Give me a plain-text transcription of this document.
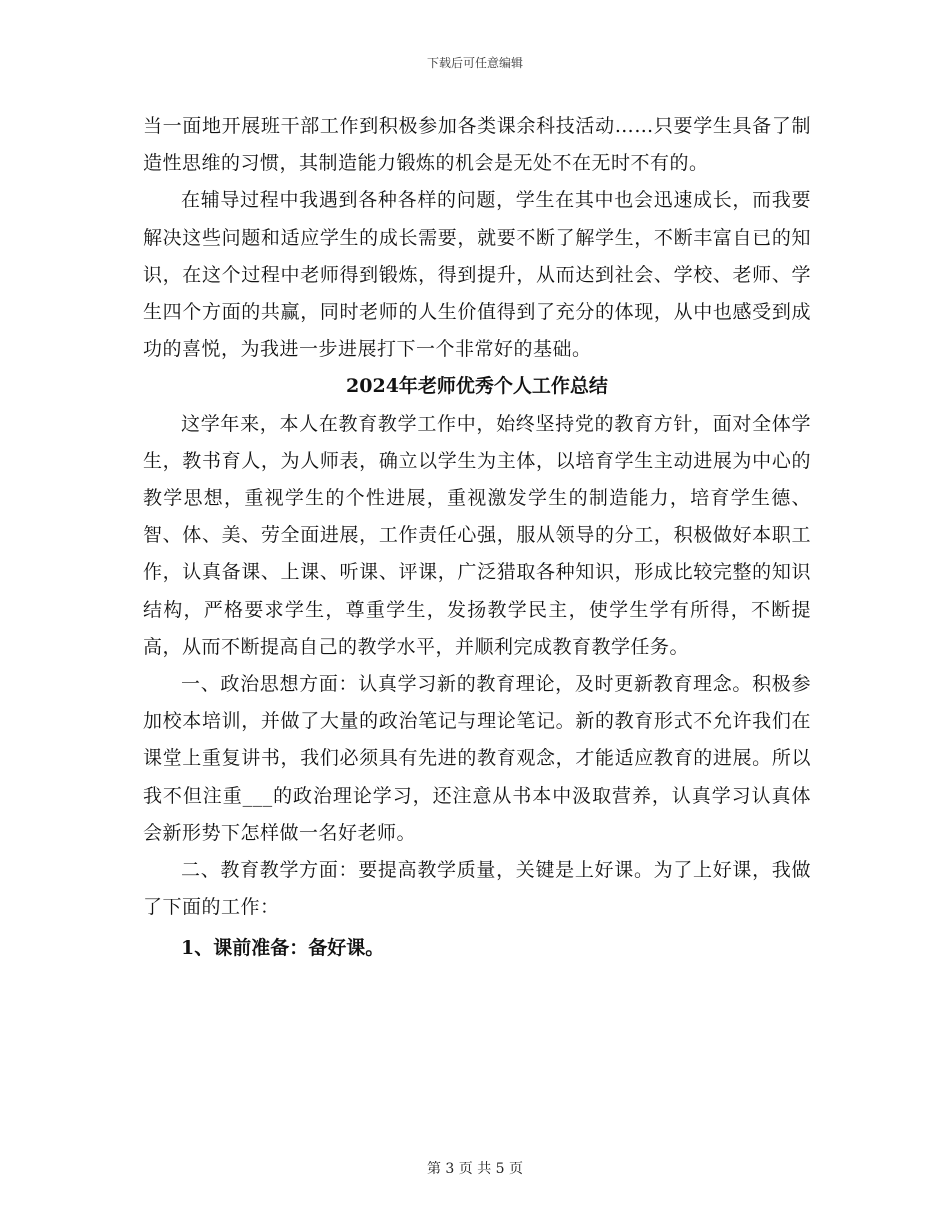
下载后可任意编辑

当一面地开展班干部工作到积极参加各类课余科技活动……只要学生具备了制造性思维的习惯，其制造能力锻炼的机会是无处不在无时不有的。

在辅导过程中我遇到各种各样的问题，学生在其中也会迅速成长，而我要解决这些问题和适应学生的成长需要，就要不断了解学生，不断丰富自已的知识，在这个过程中老师得到锻炼，得到提升，从而达到社会、学校、老师、学生四个方面的共赢，同时老师的人生价值得到了充分的体现，从中也感受到成功的喜悦，为我进一步进展打下一个非常好的基础。

2024年老师优秀个人工作总结

这学年来，本人在教育教学工作中，始终坚持党的教育方针，面对全体学生，教书育人，为人师表，确立以学生为主体，以培育学生主动进展为中心的教学思想，重视学生的个性进展，重视激发学生的制造能力，培育学生德、智、体、美、劳全面进展，工作责任心强，服从领导的分工，积极做好本职工作，认真备课、上课、听课、评课，广泛猎取各种知识，形成比较完整的知识结构，严格要求学生，尊重学生，发扬教学民主，使学生学有所得，不断提高，从而不断提高自己的教学水平，并顺利完成教育教学任务。

一、政治思想方面：认真学习新的教育理论，及时更新教育理念。积极参加校本培训，并做了大量的政治笔记与理论笔记。新的教育形式不允许我们在课堂上重复讲书，我们必须具有先进的教育观念，才能适应教育的进展。所以我不但注重___的政治理论学习，还注意从书本中汲取营养，认真学习认真体会新形势下怎样做一名好老师。

二、教育教学方面：要提高教学质量，关键是上好课。为了上好课，我做了下面的工作：

1、课前准备：备好课。

第 3 页 共 5 页
